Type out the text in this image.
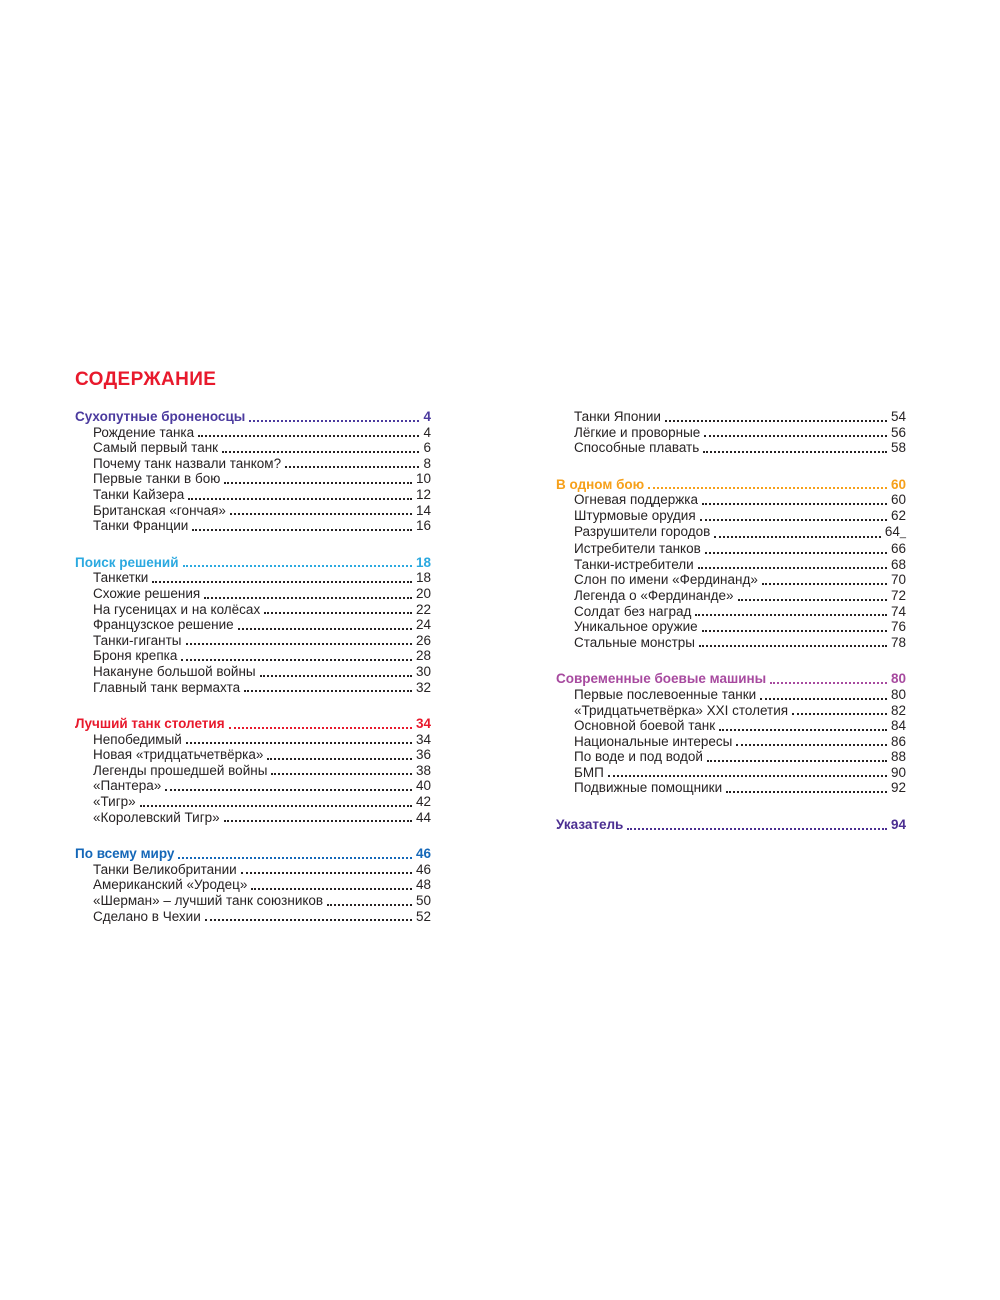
СОДЕРЖАНИЕ
Сухопутные броненосцы	4
Рождение танка	4
Самый первый танк	6
Почему танк назвали танком?	8
Первые танки в бою	10
Танки Кайзера	12
Британская «гончая»	14
Танки Франции	16
Поиск решений	18
Танкетки	18
Схожие решения	20
На гусеницах и на колёсах	22
Французское решение	24
Танки-гиганты	26
Броня крепка	28
Накануне большой войны	30
Главный танк вермахта	32
Лучший танк столетия	34
Непобедимый	34
Новая «тридцатьчетвёрка»	36
Легенды прошедшей войны	38
«Пантера»	40
«Тигр»	42
«Королевский Тигр»	44
По всему миру	46
Танки Великобритании	46
Американский «Уродец»	48
«Шерман» – лучший танк союзников	50
Сделано в Чехии	52
Танки Японии	54
Лёгкие и проворные	56
Способные плавать	58
В одном бою	60
Огневая поддержка	60
Штурмовые орудия	62
Разрушители городов	64 _
Истребители танков	66
Танки-истребители	68
Слон по имени «Фердинанд»	70
Легенда о «Фердинанде»	72
Солдат без наград	74
Уникальное оружие	76
Стальные монстры	78
Современные боевые машины	80
Первые послевоенные танки	80
«Тридцатьчетвёрка» XXI столетия	82
Основной боевой танк	84
Национальные интересы	86
По воде и под водой	88
БМП	90
Подвижные помощники	92
Указатель	94
